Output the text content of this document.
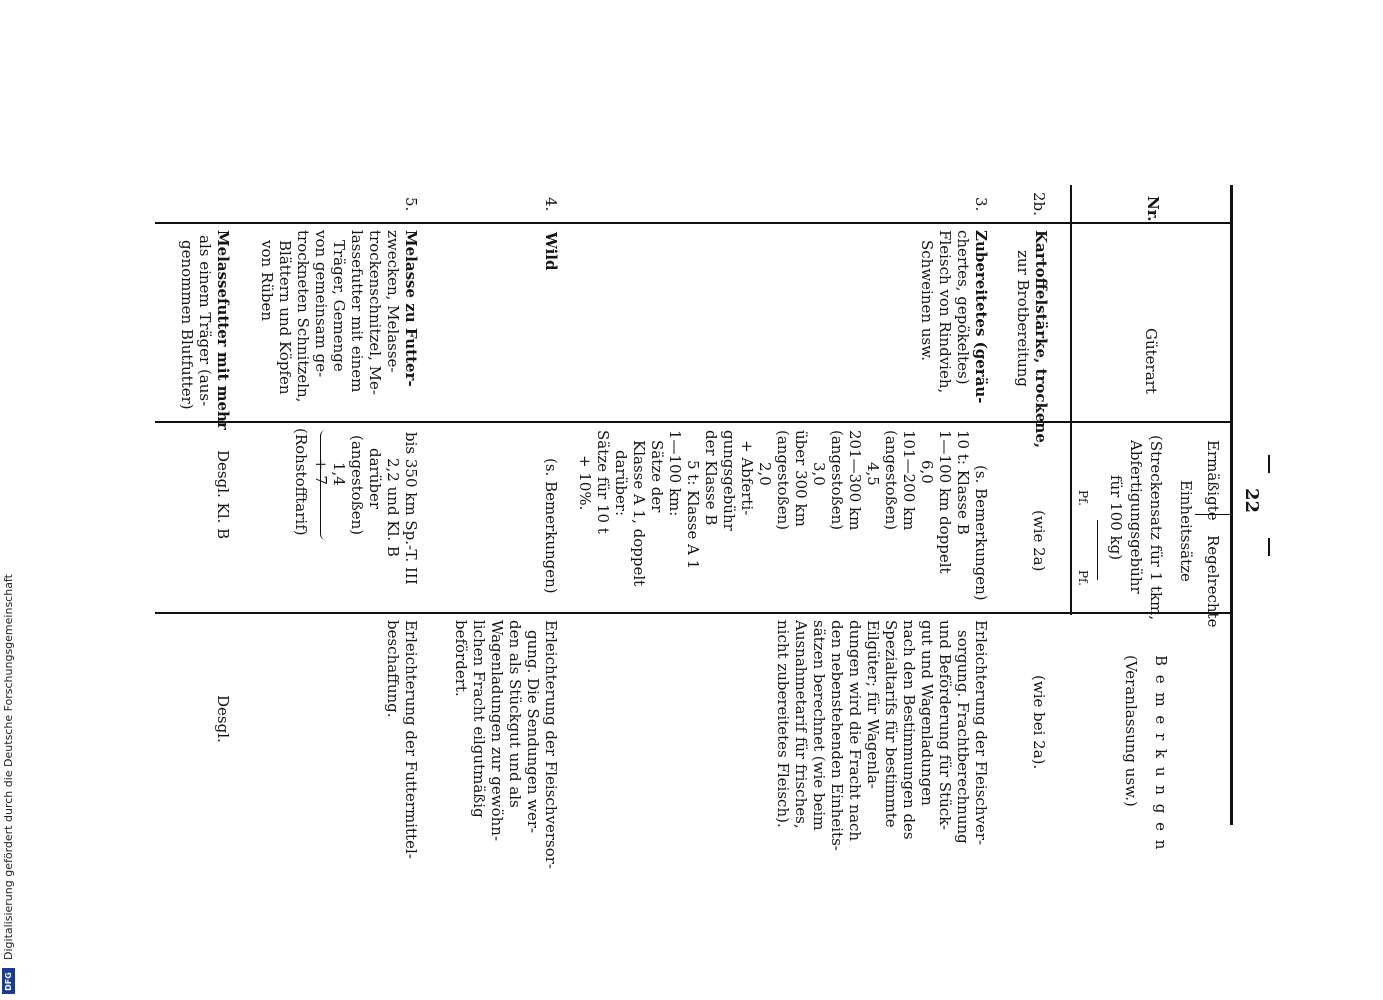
22
Nr.
Güterart
Ermäßigte
Regelrechte
Einheitssätze
(Streckensatz für 1 tkm,
Abfertigungsgebühr
für 100 kg)
Pf.
Pf.
B e m e r k u n g e n
(Veranlassung usw.)
2b.
Kartoffelstärke, trockene,
zur Brotbereitung
(wie 2a)
(wie bei 2a).
3.
Zubereitetes (geräu-
chertes, gepökeltes)
Fleisch von Rindvieh,
Schweinen usw.
(s. Bemerkungen)
10 t: Klasse B
1—100 km doppelt
6,0
101—200 km
(angestoßen)
4,5
201—300 km
(angestoßen)
3,0
über 300 km
(angestoßen)
2,0
+ Abferti-
gungsgebühr
der Klasse B
5 t: Klasse A 1
1—100 km:
Sätze der
Klasse A 1, doppelt
darüber:
Sätze für 10 t
+ 10%.
Erleichterung der Fleischver-
sorgung. Frachtberechnung
und Beförderung für Stück-
gut und Wagenladungen
nach den Bestimmungen des
Spezialtarifs für bestimmte
Eilgüter; für Wagenla-
dungen wird die Fracht nach
den nebenstehenden Einheits-
sätzen berechnet (wie beim
Ausnahmetarif für frisches,
nicht zubereitetes Fleisch).
4.
Wild
(s. Bemerkungen)
Erleichterung der Fleischversor-
gung. Die Sendungen wer-
den als Stückgut und als
Wagenladungen zur gewöhn-
lichen Fracht eilgutmäßig
befördert.
5.
Melasse zu Futter-
zwecken, Melasse-
trockenschnitzel, Me-
lassefutter mit einem
Träger, Gemenge
von gemeinsam ge-
trockneten Schnitzeln,
Blättern und Köpfen
von Rüben
bis 350 km Sp.-T. III
2,2 und Kl. B
darüber
(angestoßen)
1,4
+ 7
(Rohstofftarif)
Erleichterung der Futtermittel-
beschaffung.
Melassefutter mit mehr
als einem Träger (aus-
genommen Blutfutter)
Desgl. Kl. B
Desgl.
Digitalisierung gefördert durch die Deutsche Forschungsgemeinschaft
DFG
